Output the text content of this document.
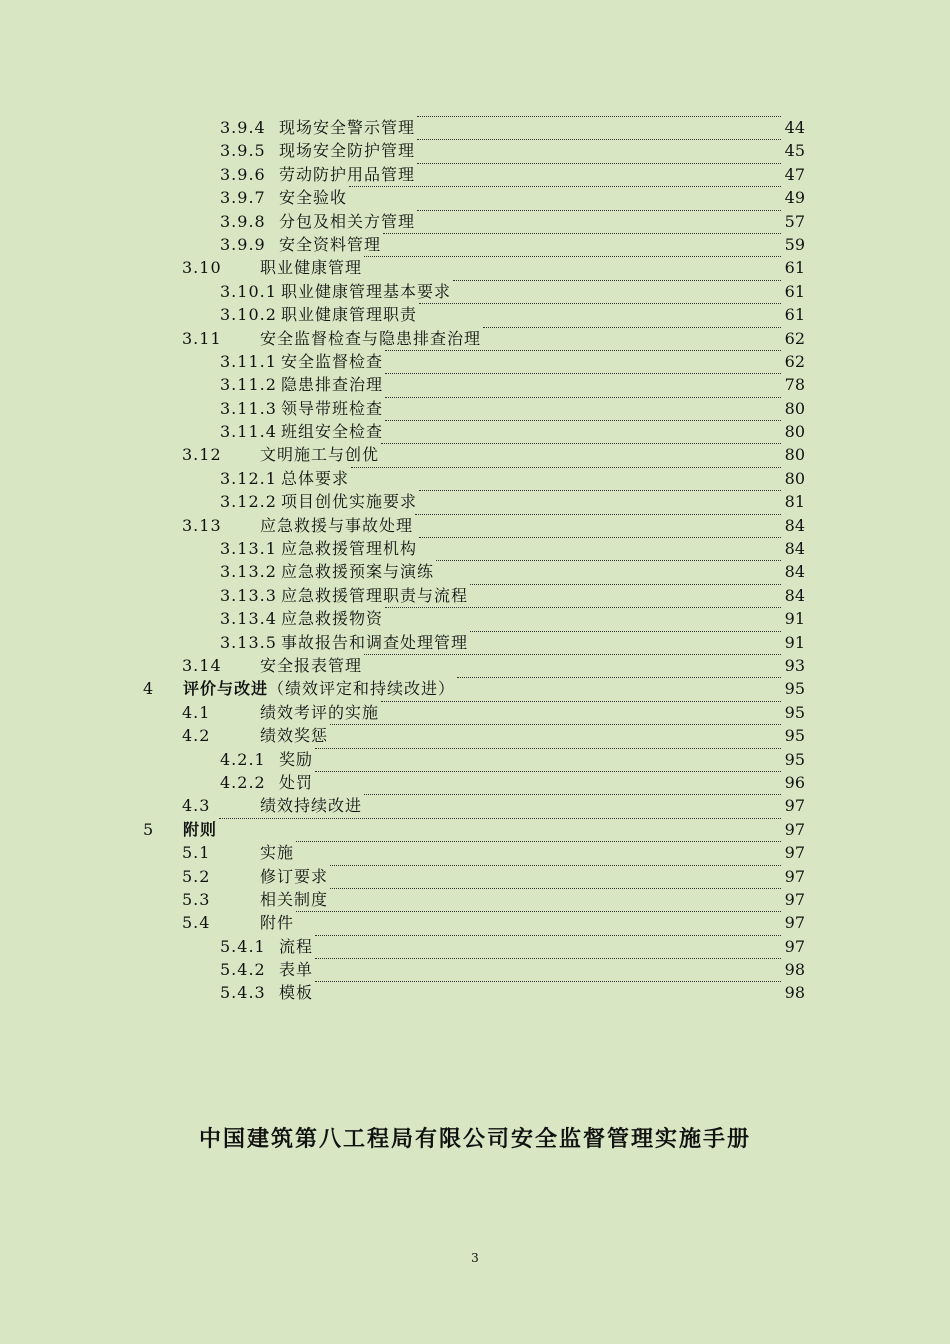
3.9.4 现场安全警示管理	44
3.9.5 现场安全防护管理	45
3.9.6 劳动防护用品管理	47
3.9.7 安全验收	49
3.9.8 分包及相关方管理	57
3.9.9 安全资料管理	59
3.10 职业健康管理	61
3.10.1 职业健康管理基本要求	61
3.10.2 职业健康管理职责	61
3.11 安全监督检查与隐患排查治理	62
3.11.1 安全监督检查	62
3.11.2 隐患排查治理	78
3.11.3 领导带班检查	80
3.11.4 班组安全检查	80
3.12 文明施工与创优	80
3.12.1 总体要求	80
3.12.2 项目创优实施要求	81
3.13 应急救援与事故处理	84
3.13.1 应急救援管理机构	84
3.13.2 应急救援预案与演练	84
3.13.3 应急救援管理职责与流程	84
3.13.4 应急救援物资	91
3.13.5 事故报告和调查处理管理	91
3.14 安全报表管理	93
4 评价与改进（绩效评定和持续改进）	95
4.1	绩效考评的实施	95
4.2	绩效奖惩	95
4.2.1 奖励	95
4.2.2 处罚	96
4.3	绩效持续改进	97
5 附则	97
5.1	实施	97
5.2	修订要求	97
5.3	相关制度	97
5.4	附件	97
5.4.1 流程	97
5.4.2 表单	98
5.4.3 模板	98
中国建筑第八工程局有限公司安全监督管理实施手册
3
